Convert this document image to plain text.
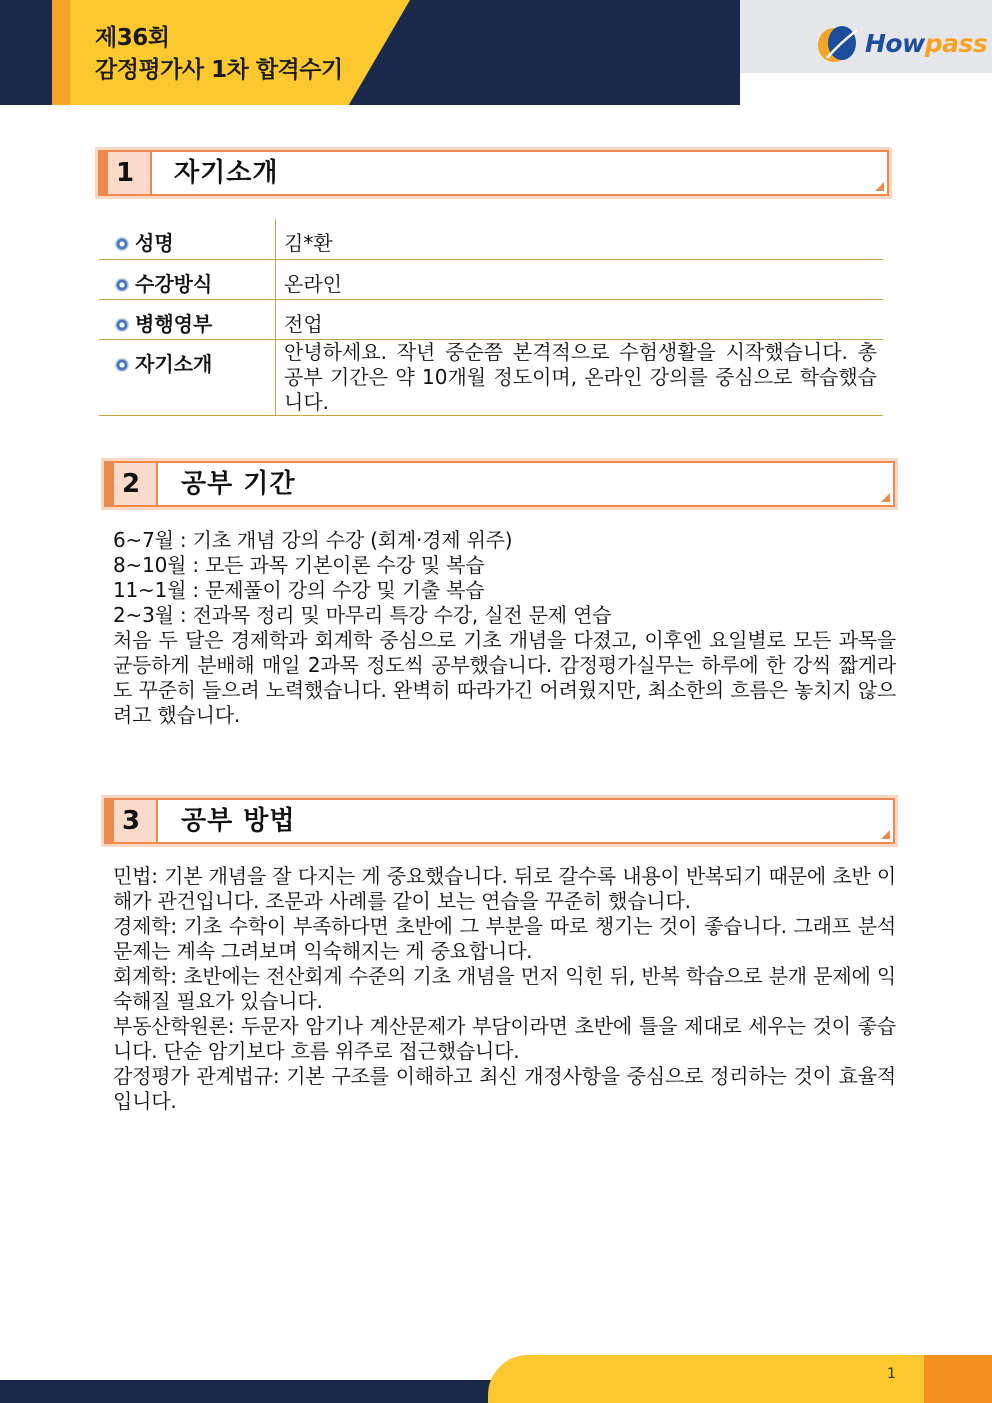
제36회
감정평가사 1차 합격수기
Howpass
1	자기소개
성명	김*환
수강방식	온라인
병행영부	전업
자기소개	안녕하세요. 작년 중순쯤 본격적으로 수험생활을 시작했습니다. 총 공부 기간은 약 10개월 정도이며, 온라인 강의를 중심으로 학습했습니다.
2	공부 기간

6~7월 : 기초 개념 강의 수강 (회계·경제 위주)

8~10월 : 모든 과목 기본이론 수강 및 복습

11~1월 : 문제풀이 강의 수강 및 기출 복습

2~3월 : 전과목 정리 및 마무리 특강 수강, 실전 문제 연습

처음 두 달은 경제학과 회계학 중심으로 기초 개념을 다졌고, 이후엔 요일별로 모든 과목을 균등하게 분배해 매일 2과목 정도씩 공부했습니다. 감정평가실무는 하루에 한 강씩 짧게라도 꾸준히 들으려 노력했습니다. 완벽히 따라가긴 어려웠지만, 최소한의 흐름은 놓치지 않으려고 했습니다.

3	공부 방법

민법: 기본 개념을 잘 다지는 게 중요했습니다. 뒤로 갈수록 내용이 반복되기 때문에 초반 이해가 관건입니다. 조문과 사례를 같이 보는 연습을 꾸준히 했습니다.

경제학: 기초 수학이 부족하다면 초반에 그 부분을 따로 챙기는 것이 좋습니다. 그래프 분석 문제는 계속 그려보며 익숙해지는 게 중요합니다.

회계학: 초반에는 전산회계 수준의 기초 개념을 먼저 익힌 뒤, 반복 학습으로 분개 문제에 익숙해질 필요가 있습니다.

부동산학원론: 두문자 암기나 계산문제가 부담이라면 초반에 틀을 제대로 세우는 것이 좋습니다. 단순 암기보다 흐름 위주로 접근했습니다.

감정평가 관계법규: 기본 구조를 이해하고 최신 개정사항을 중심으로 정리하는 것이 효율적입니다.

1
